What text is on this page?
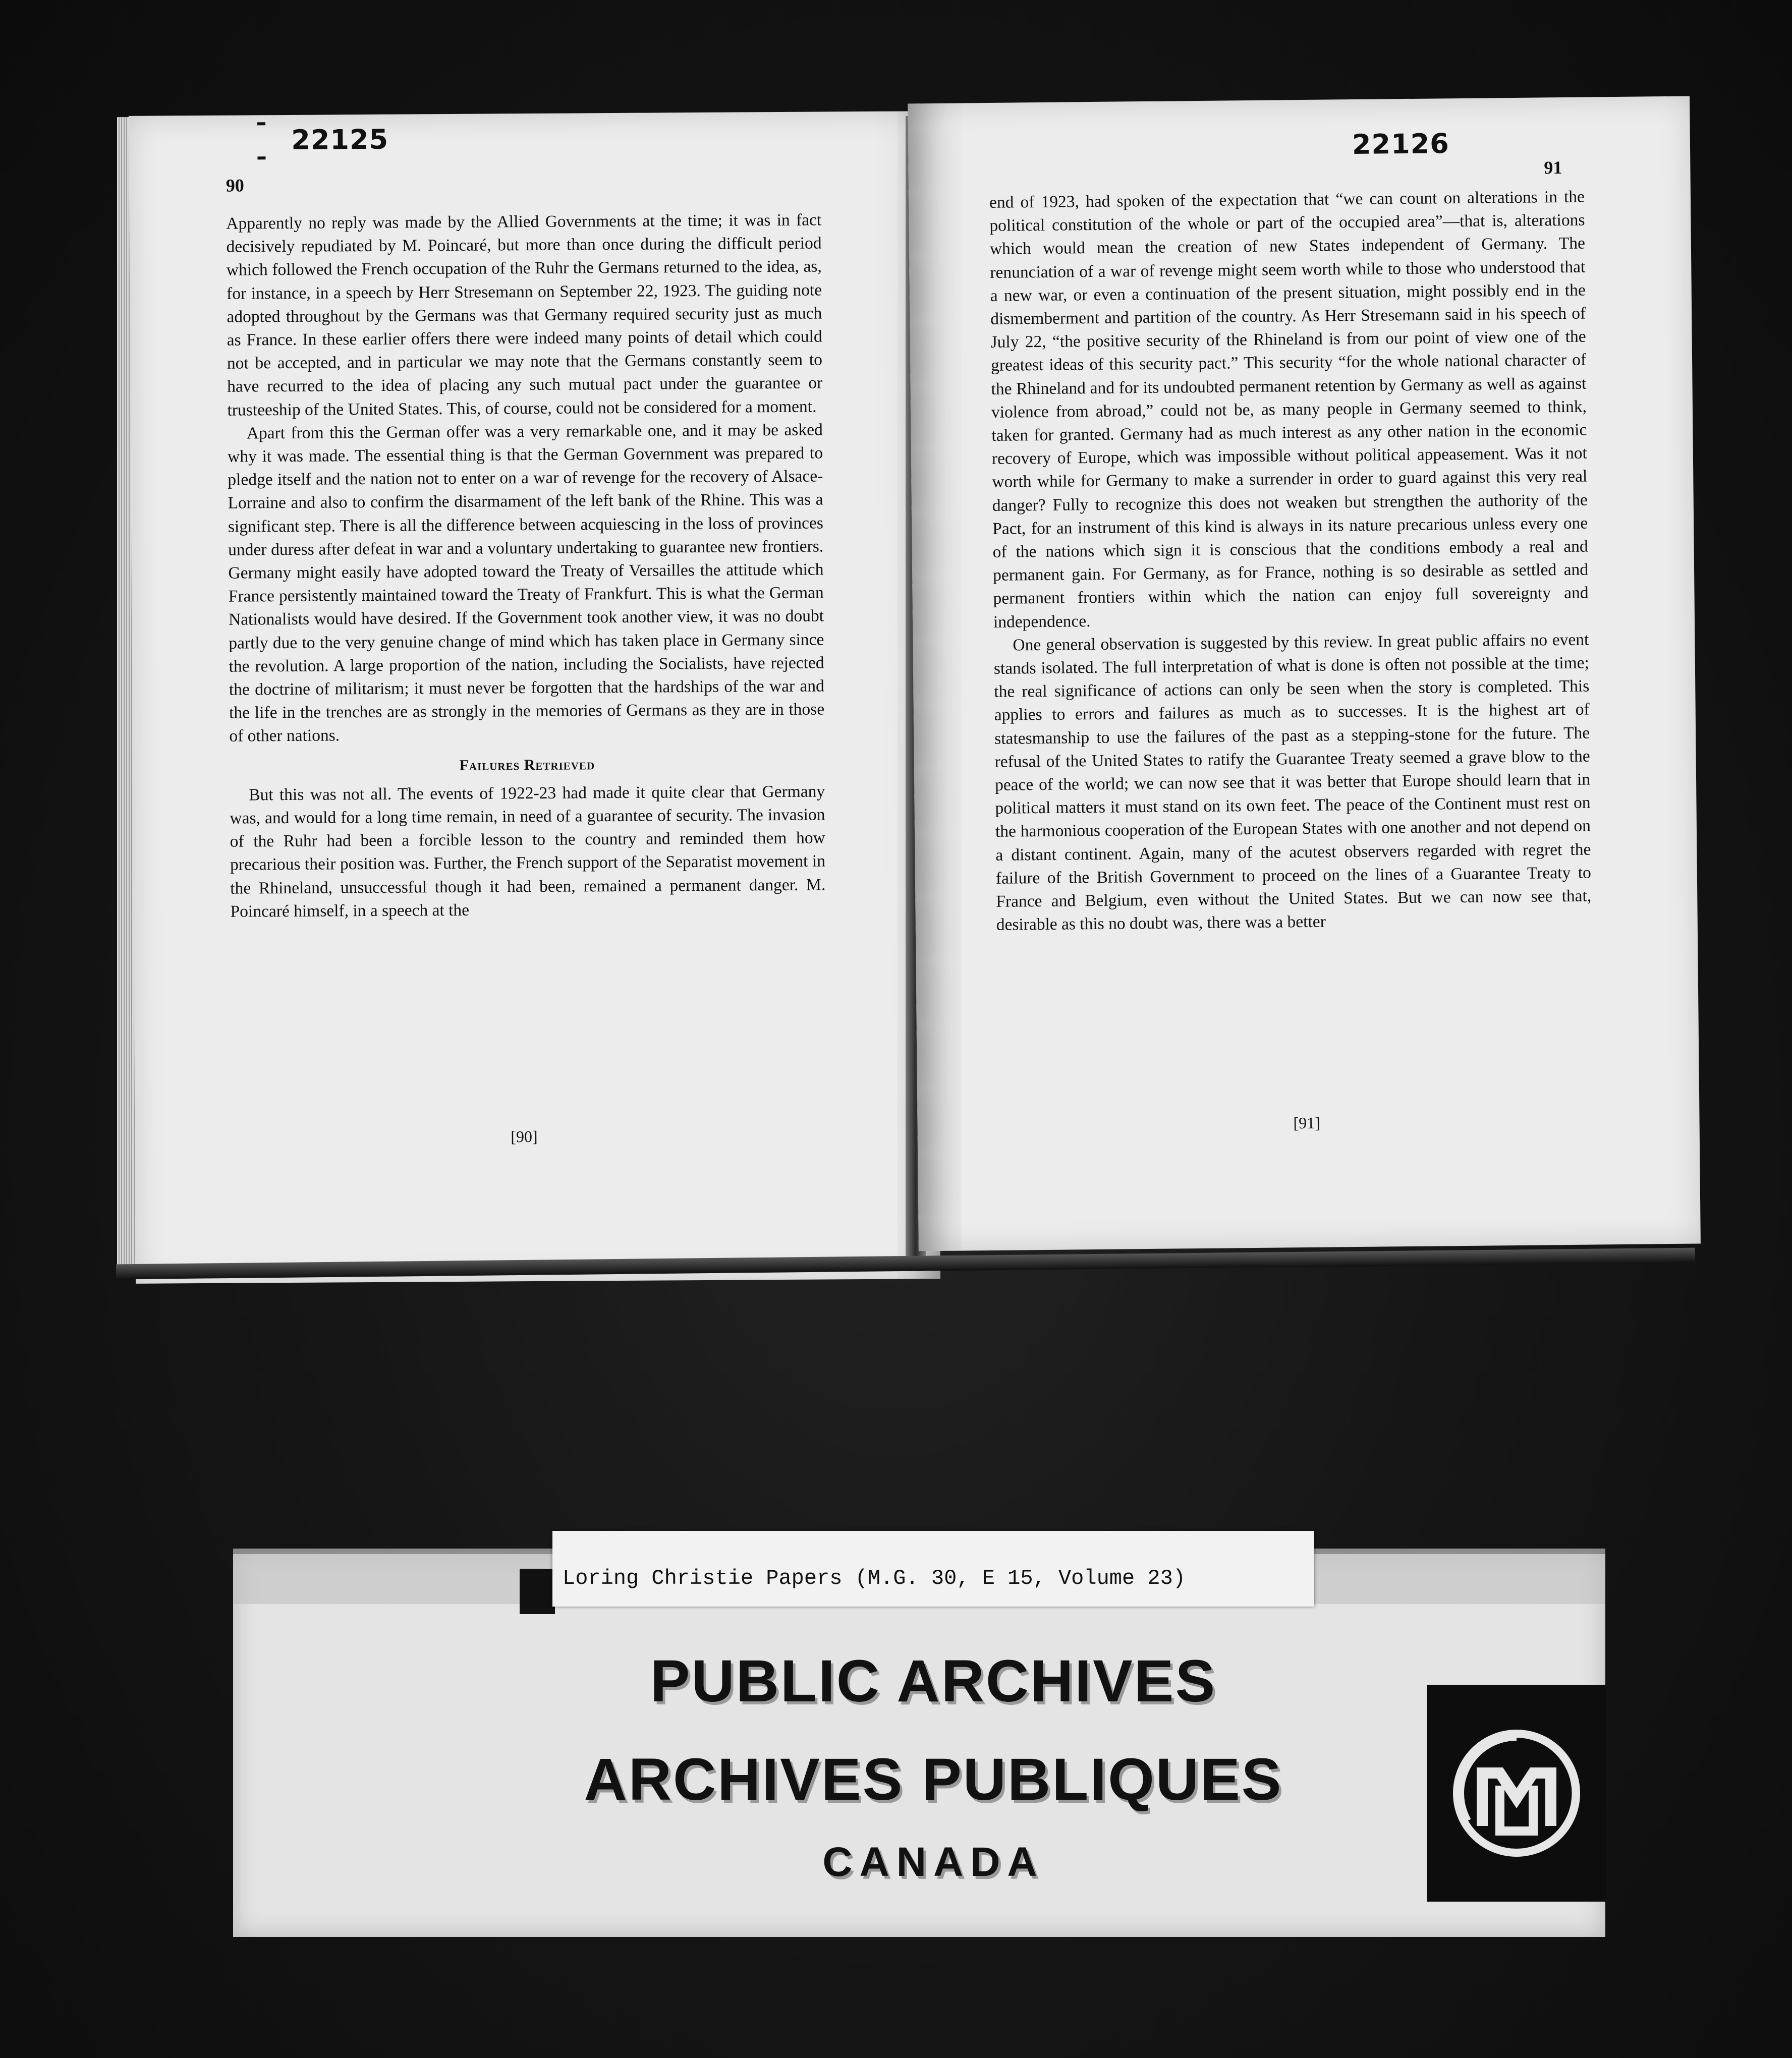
22125
90

Apparently no reply was made by the Allied Governments at the time; it was in fact decisively repudiated by M. Poincaré, but more than once during the difficult period which followed the French occupation of the Ruhr the Germans returned to the idea, as, for instance, in a speech by Herr Stresemann on September 22, 1923. The guiding note adopted throughout by the Germans was that Germany required security just as much as France. In these earlier offers there were indeed many points of detail which could not be accepted, and in particular we may note that the Germans constantly seem to have recurred to the idea of placing any such mutual pact under the guarantee or trusteeship of the United States. This, of course, could not be considered for a moment.

Apart from this the German offer was a very remarkable one, and it may be asked why it was made. The essential thing is that the German Government was prepared to pledge itself and the nation not to enter on a war of revenge for the recovery of Alsace-Lorraine and also to confirm the disarmament of the left bank of the Rhine. This was a significant step. There is all the difference between acquiescing in the loss of provinces under duress after defeat in war and a voluntary undertaking to guarantee new frontiers. Germany might easily have adopted toward the Treaty of Versailles the attitude which France persistently maintained toward the Treaty of Frankfurt. This is what the German Nationalists would have desired. If the Government took another view, it was no doubt partly due to the very genuine change of mind which has taken place in Germany since the revolution. A large proportion of the nation, including the Socialists, have rejected the doctrine of militarism; it must never be forgotten that the hardships of the war and the life in the trenches are as strongly in the memories of Germans as they are in those of other nations.

Failures Retrieved

But this was not all. The events of 1922-23 had made it quite clear that Germany was, and would for a long time remain, in need of a guarantee of security. The invasion of the Ruhr had been a forcible lesson to the country and reminded them how precarious their position was. Further, the French support of the Separatist movement in the Rhineland, unsuccessful though it had been, remained a permanent danger. M. Poincaré himself, in a speech at the

[90]
22126
91

end of 1923, had spoken of the expectation that “we can count on alterations in the political constitution of the whole or part of the occupied area”—that is, alterations which would mean the creation of new States independent of Germany. The renunciation of a war of revenge might seem worth while to those who understood that a new war, or even a continuation of the present situation, might possibly end in the dismemberment and partition of the country. As Herr Stresemann said in his speech of July 22, “the positive security of the Rhineland is from our point of view one of the greatest ideas of this security pact.” This security “for the whole national character of the Rhineland and for its undoubted permanent retention by Germany as well as against violence from abroad,” could not be, as many people in Germany seemed to think, taken for granted. Germany had as much interest as any other nation in the economic recovery of Europe, which was impossible without political appeasement. Was it not worth while for Germany to make a surrender in order to guard against this very real danger? Fully to recognize this does not weaken but strengthen the authority of the Pact, for an instrument of this kind is always in its nature precarious unless every one of the nations which sign it is conscious that the conditions embody a real and permanent gain. For Germany, as for France, nothing is so desirable as settled and permanent frontiers within which the nation can enjoy full sovereignty and independence.

One general observation is suggested by this review. In great public affairs no event stands isolated. The full interpretation of what is done is often not possible at the time; the real significance of actions can only be seen when the story is completed. This applies to errors and failures as much as to successes. It is the highest art of statesmanship to use the failures of the past as a stepping-stone for the future. The refusal of the United States to ratify the Guarantee Treaty seemed a grave blow to the peace of the world; we can now see that it was better that Europe should learn that in political matters it must stand on its own feet. The peace of the Continent must rest on the harmonious cooperation of the European States with one another and not depend on a distant continent. Again, many of the acutest observers regarded with regret the failure of the British Government to proceed on the lines of a Guarantee Treaty to France and Belgium, even without the United States. But we can now see that, desirable as this no doubt was, there was a better

[91]
Loring Christie Papers (M.G. 30, E 15, Volume 23)
PUBLIC ARCHIVES
ARCHIVES PUBLIQUES
CANADA
